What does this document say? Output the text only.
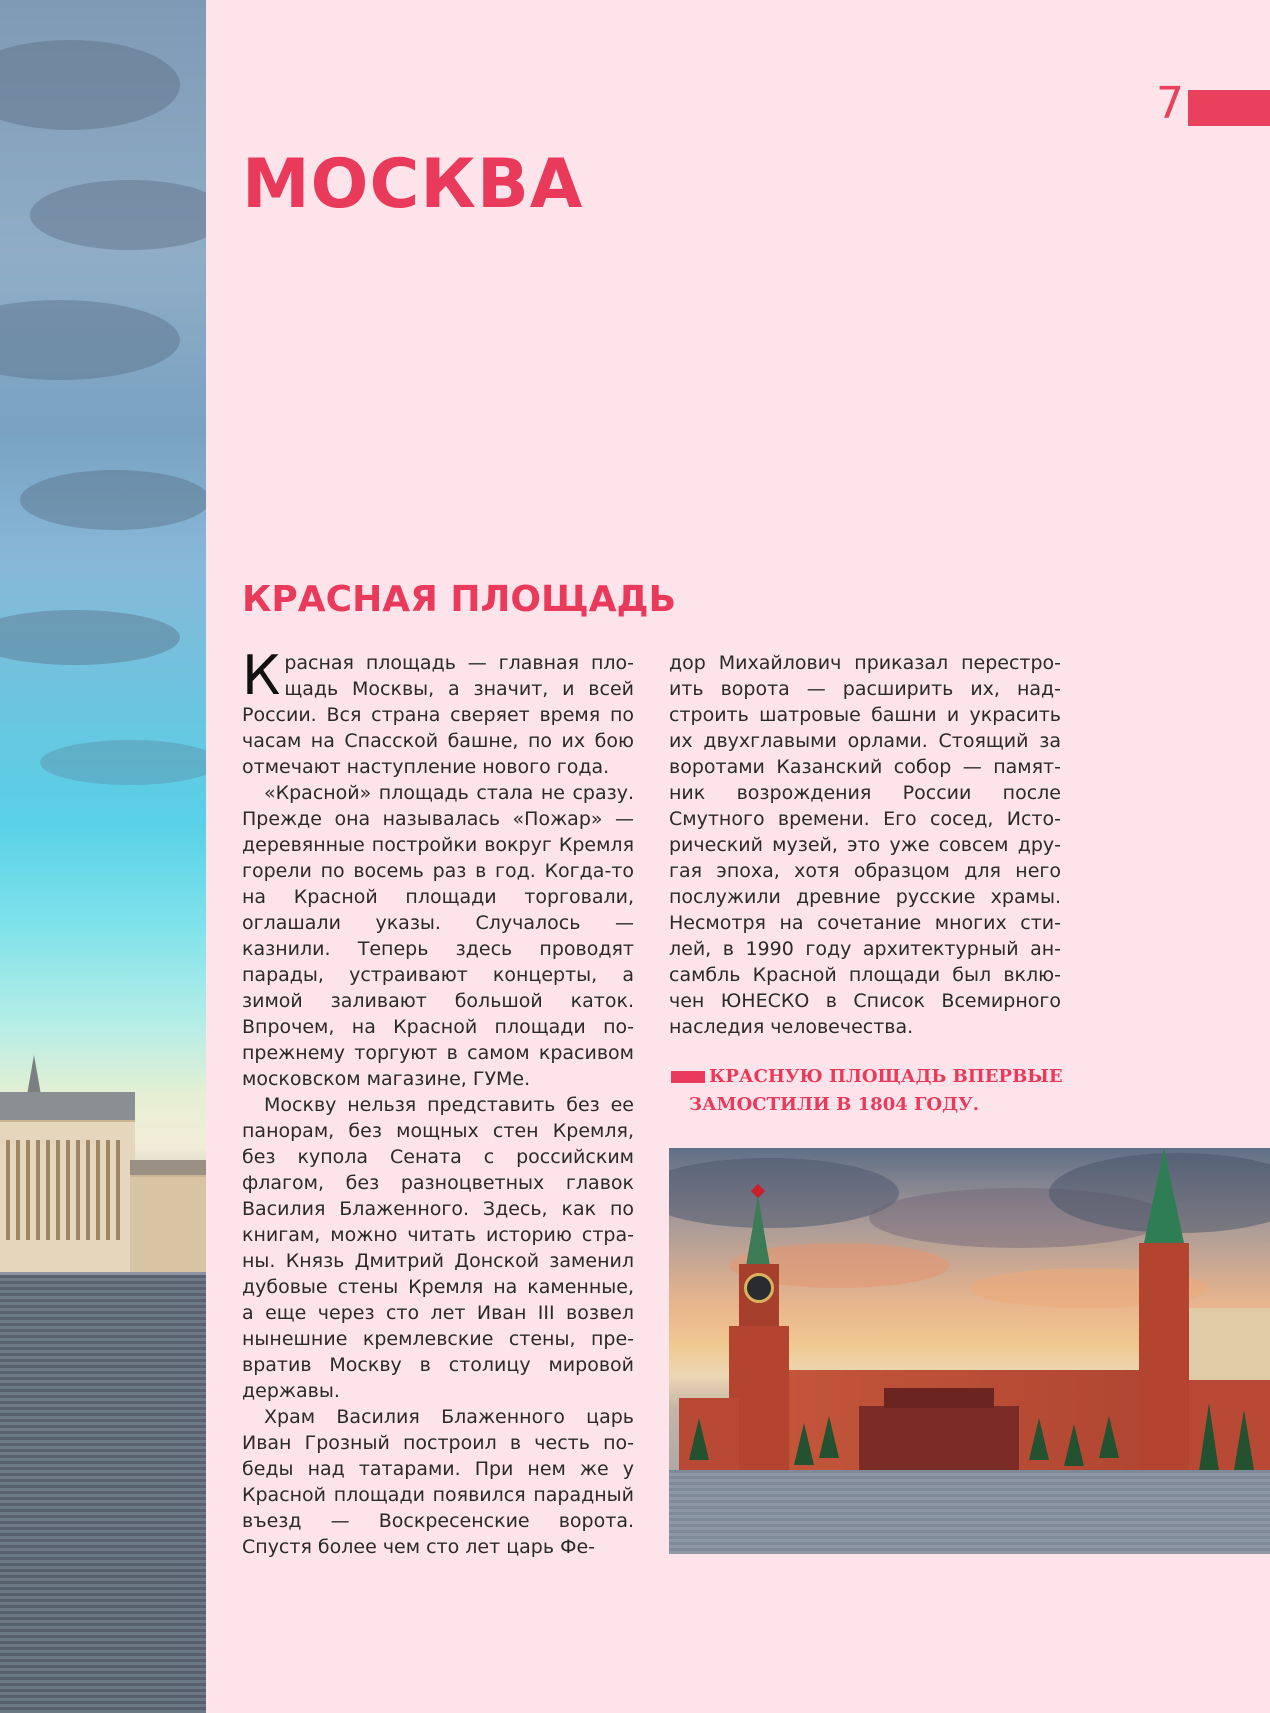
7
МОСКВА
КРАСНАЯ ПЛОЩАДЬ

Красная площадь — главная площадь Москвы, а значит, и всей России. Вся страна сверяет время по часам на Спасской башне, по их бою отмечают наступление нового года.

«Красной» площадь стала не сразу. Прежде она называлась «Пожар» — деревянные постройки вокруг Кремля горели по восемь раз в год. Когда-то на Красной площади торговали, оглашали указы. Случалось — казнили. Теперь здесь проводят парады, устраивают концерты, а зимой заливают большой каток. Впрочем, на Красной площади по-прежнему торгуют в самом красивом московском магазине, ГУМе.

Москву нельзя представить без ее панорам, без мощных стен Кремля, без купола Сената с российским флагом, без разноцветных главок Василия Блаженного. Здесь, как по книгам, можно читать историю страны. Князь Дмитрий Донской заменил дубовые стены Кремля на каменные, а еще через сто лет Иван III возвел нынешние кремлевские стены, превратив Москву в столицу мировой державы.

Храм Василия Блаженного царь Иван Грозный построил в честь победы над татарами. При нем же у Красной площади появился парадный въезд — Воскресенские ворота. Спустя более чем сто лет царь Фе-

дор Михайлович приказал перестроить ворота — расширить их, надстроить шатровые башни и украсить их двухглавыми орлами. Стоящий за воротами Казанский собор — памятник возрождения России после Смутного времени. Его сосед, Исторический музей, это уже совсем другая эпоха, хотя образцом для него послужили древние русские храмы. Несмотря на сочетание многих стилей, в 1990 году архитектурный ансамбль Красной площади был включен ЮНЕСКО в Список Всемирного наследия человечества.

КРАСНУЮ ПЛОЩАДЬ ВПЕРВЫЕ ЗАМОСТИЛИ В 1804 ГОДУ.
